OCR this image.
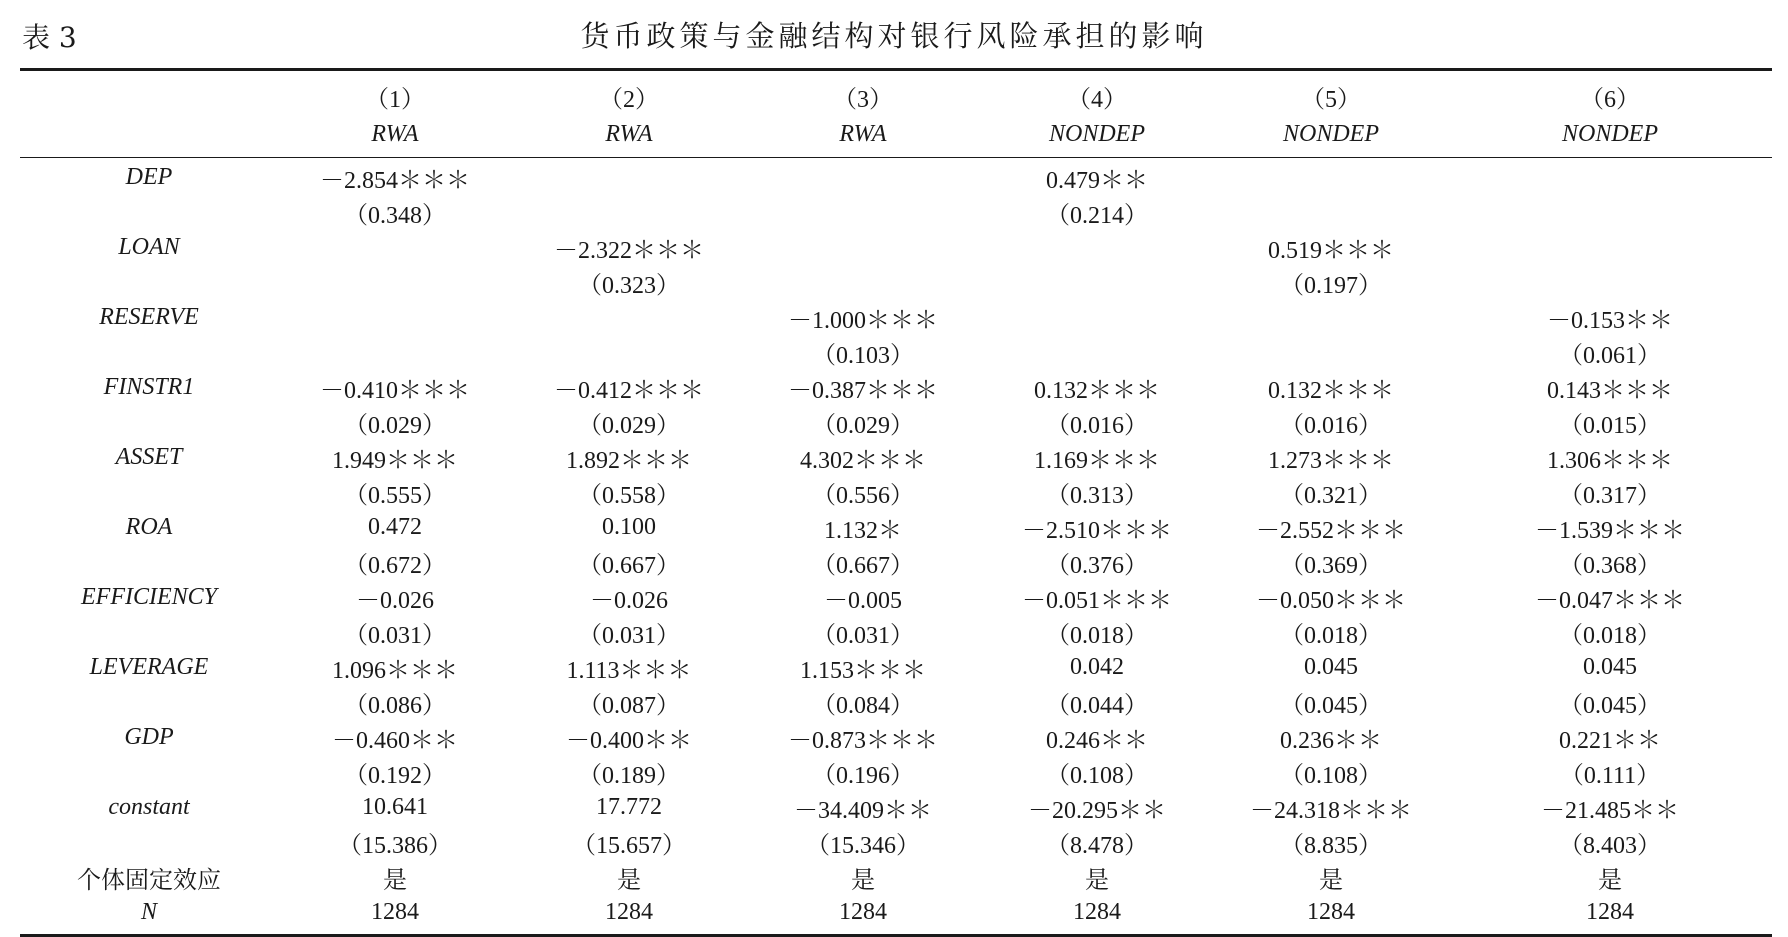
表 3	货币政策与金融结构对银行风险承担的影响
	（1）	（2）	（3）	（4）	（5）	（6）
	RWA	RWA	RWA	NONDEP	NONDEP	NONDEP
DEP	－2.854＊＊＊			0.479＊＊		
	（0.348）			（0.214）		
LOAN		－2.322＊＊＊			0.519＊＊＊	
		（0.323）			（0.197）	
RESERVE			－1.000＊＊＊			－0.153＊＊
			（0.103）			（0.061）
FINSTR1	－0.410＊＊＊	－0.412＊＊＊	－0.387＊＊＊	0.132＊＊＊	0.132＊＊＊	0.143＊＊＊
	（0.029）	（0.029）	（0.029）	（0.016）	（0.016）	（0.015）
ASSET	1.949＊＊＊	1.892＊＊＊	4.302＊＊＊	1.169＊＊＊	1.273＊＊＊	1.306＊＊＊
	（0.555）	（0.558）	（0.556）	（0.313）	（0.321）	（0.317）
ROA	0.472	0.100	1.132＊	－2.510＊＊＊	－2.552＊＊＊	－1.539＊＊＊
	（0.672）	（0.667）	（0.667）	（0.376）	（0.369）	（0.368）
EFFICIENCY	－0.026	－0.026	－0.005	－0.051＊＊＊	－0.050＊＊＊	－0.047＊＊＊
	（0.031）	（0.031）	（0.031）	（0.018）	（0.018）	（0.018）
LEVERAGE	1.096＊＊＊	1.113＊＊＊	1.153＊＊＊	0.042	0.045	0.045
	（0.086）	（0.087）	（0.084）	（0.044）	（0.045）	（0.045）
GDP	－0.460＊＊	－0.400＊＊	－0.873＊＊＊	0.246＊＊	0.236＊＊	0.221＊＊
	（0.192）	（0.189）	（0.196）	（0.108）	（0.108）	（0.111）
constant	10.641	17.772	－34.409＊＊	－20.295＊＊	－24.318＊＊＊	－21.485＊＊
	（15.386）	（15.657）	（15.346）	（8.478）	（8.835）	（8.403）
个体固定效应	是	是	是	是	是	是
N	1284	1284	1284	1284	1284	1284
